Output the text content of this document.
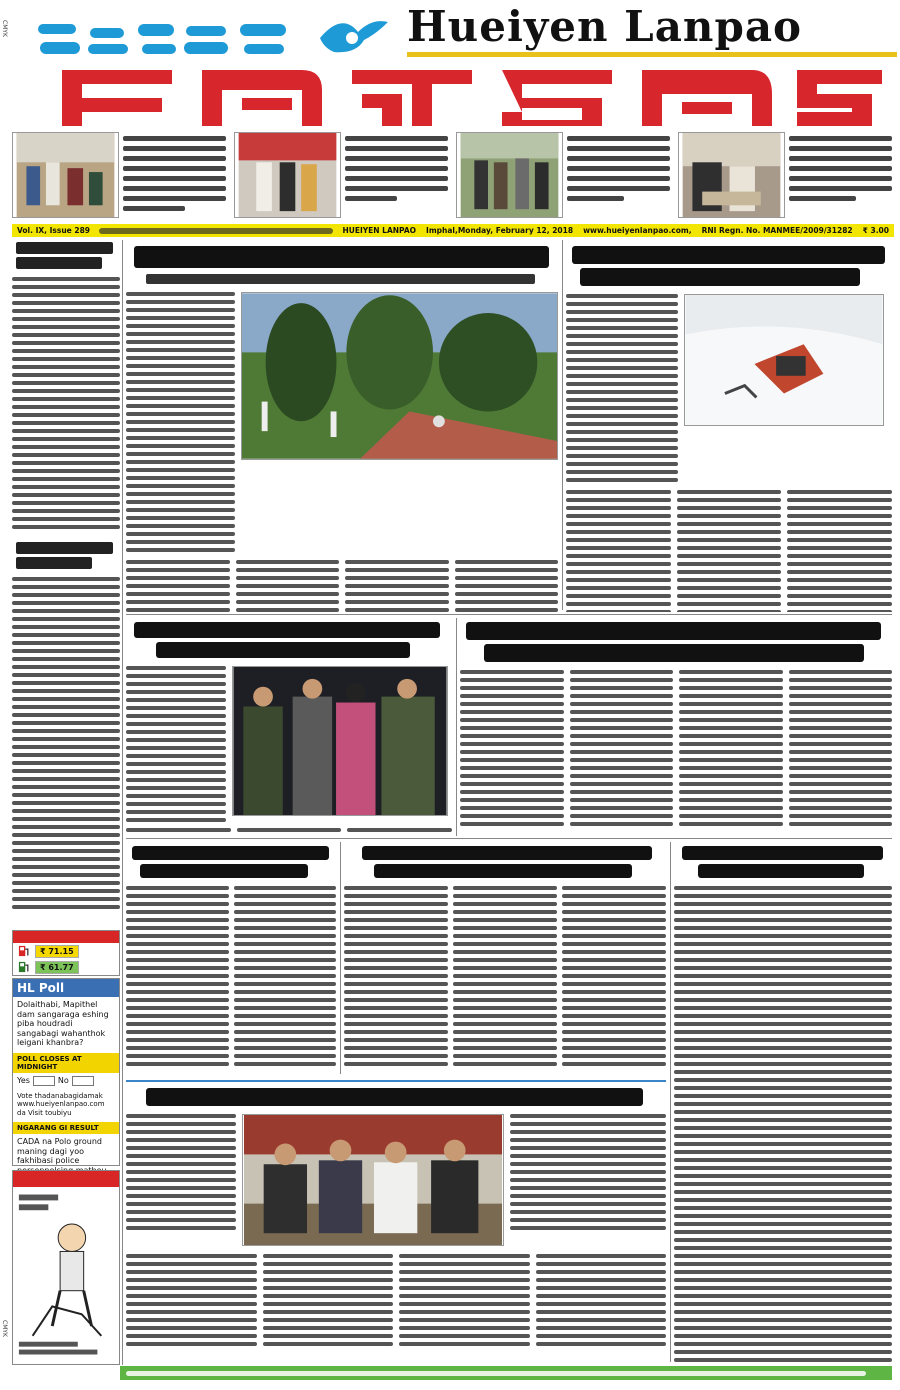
CMYK
CMYK
Hueiyen Lanpao
Vol. IX, Issue 289	HUEIYEN LANPAO	Imphal,Monday, February 12, 2018	www.hueiyenlanpao.com,	RNI Regn. No. MANMEE/2009/31282	₹ 3.00
₹ 71.15
₹ 61.77
HL Poll
Dolaithabi, Mapithel dam sangaraga eshing piba houdradi sangabagi wahanthok leigani khanbra?
POLL CLOSES AT MIDNIGHT
Yes	No
Vote thadanabagidamak www.hueiyenlanpao.com da Visit toubiyu
NGARANG GI RESULT
CADA na Polo ground maning dagi yoo fakhibasi police
